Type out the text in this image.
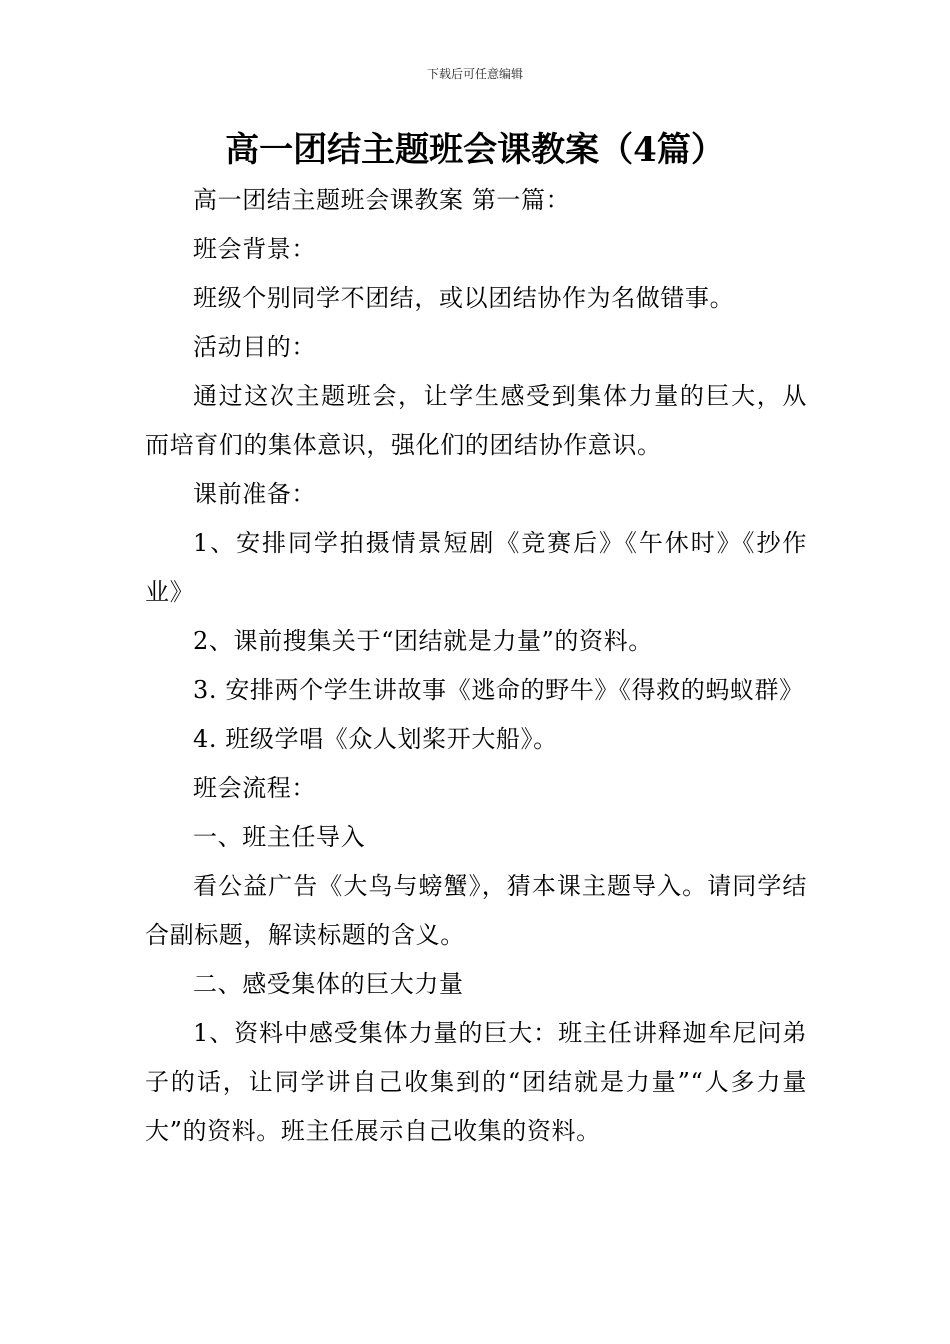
下载后可任意编辑
高一团结主题班会课教案（4篇）

高一团结主题班会课教案 第一篇：

班会背景：

班级个别同学不团结，或以团结协作为名做错事。

活动目的：

通过这次主题班会，让学生感受到集体力量的巨大，从而培育们的集体意识，强化们的团结协作意识。

课前准备：

1、安排同学拍摄情景短剧《竞赛后》《午休时》《抄作业》

2、课前搜集关于“团结就是力量”的资料。

3. 安排两个学生讲故事《逃命的野牛》《得救的蚂蚁群》

4. 班级学唱《众人划桨开大船》。

班会流程：

一、班主任导入

看公益广告《大鸟与螃蟹》，猜本课主题导入。请同学结合副标题，解读标题的含义。

二、感受集体的巨大力量

1、资料中感受集体力量的巨大：班主任讲释迦牟尼问弟子的话，让同学讲自己收集到的“团结就是力量”“人多力量大”的资料。班主任展示自己收集的资料。
